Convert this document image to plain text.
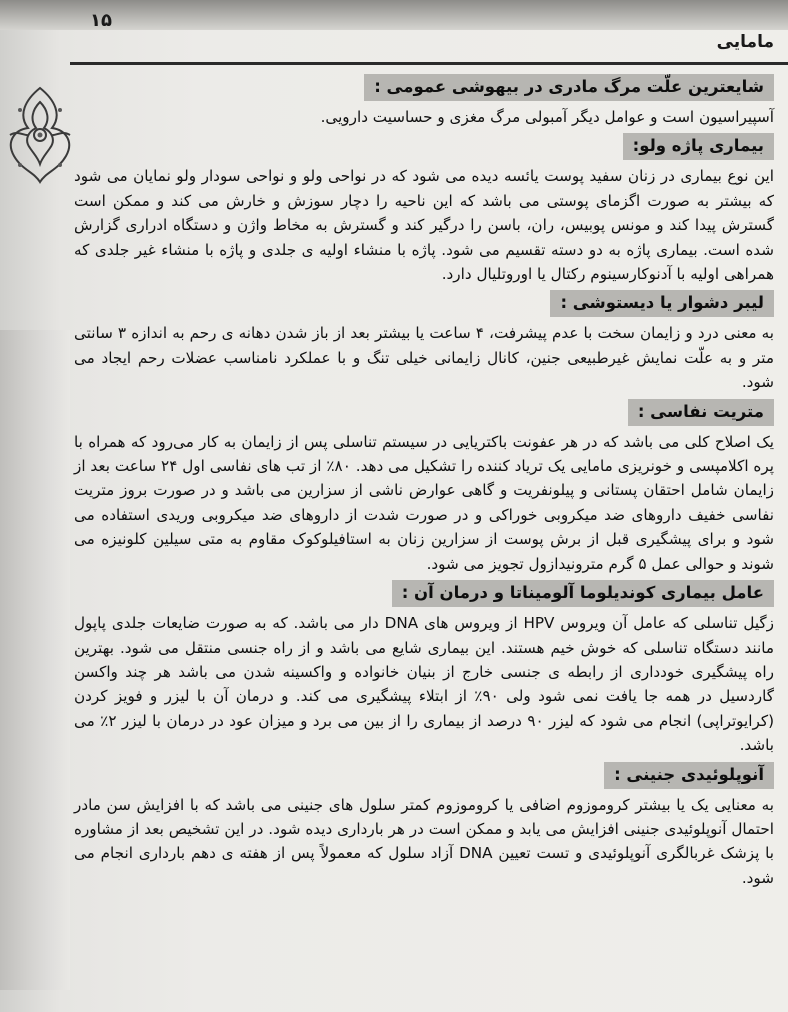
مامایی
۱۵
شایعترین علّت مرگ مادری در بیهوشی عمومی :

آسپیراسیون است و عوامل دیگر آمبولی مرگ مغزی و حساسیت دارویی.

بیماری پاژه ولو:

این نوع بیماری در زنان سفید پوست یائسه دیده می شود که در نواحی ولو و نواحی سودار ولو نمایان می شود که بیشتر به صورت اگزمای پوستی می باشد که این ناحیه را دچار سوزش و خارش می کند و ممکن است گسترش پیدا کند و مونس پوبیس، ران، باسن را درگیر کند و گسترش به مخاط واژن و دستگاه ادراری گزارش شده است. بیماری پاژه به دو دسته تقسیم می شود. پاژه با منشاء اولیه ی جلدی و پاژه با منشاء غیر جلدی که همراهی اولیه با آدنوکارسینوم رکتال یا اوروتلیال دارد.

لیبر دشوار یا دیستوشی :

به معنی درد و زایمان سخت با عدم پیشرفت، ۴ ساعت یا بیشتر بعد از باز شدن دهانه ی رحم به اندازه ۳ سانتی متر و به علّت نمایش غیرطبیعی جنین، کانال زایمانی خیلی تنگ و با عملکرد نامناسب عضلات رحم ایجاد می شود.

متریت نفاسی :

یک اصلاح کلی می باشد که در هر عفونت باکتریایی در سیستم تناسلی پس از زایمان به کار می‌رود که همراه با پره اکلامپسی و خونریزی مامایی یک تریاد کننده را تشکیل می دهد. ۸۰٪ از تب های نفاسی اول ۲۴ ساعت بعد از زایمان شامل احتقان پستانی و پیلونفریت و گاهی عوارض ناشی از سزارین می باشد و در صورت بروز متریت نفاسی خفیف داروهای ضد میکروبی خوراکی و در صورت شدت از داروهای ضد میکروبی وریدی استفاده می شود و برای پیشگیری قبل از برش پوست از سزارین زنان به استافیلوکوک مقاوم به متی سیلین کلونیزه می شوند و حوالی عمل ۵ گرم مترونیدازول تجویز می شود.

عامل بیماری کوندیلوما آلومیناتا و درمان آن :

زگیل تناسلی که عامل آن ویروس HPV از ویروس های DNA دار می باشد. که به صورت ضایعات جلدی پاپول مانند دستگاه تناسلی که خوش خیم هستند. این بیماری شایع می باشد و از راه جنسی منتقل می شود. بهترین راه پیشگیری خودداری از رابطه ی جنسی خارج از بنیان خانواده و واکسینه شدن می باشد هر چند واکسن گاردسیل در همه جا یافت نمی شود ولی ۹۰٪ از ابتلاء پیشگیری می کند. و درمان آن با لیزر و فویز کردن (کرایوتراپی) انجام می شود که لیزر ۹۰ درصد از بیماری را از بین می برد و میزان عود در درمان با لیزر ۲٪ می باشد.

آنوپلوئیدی جنینی :

به معنایی یک یا بیشتر کروموزوم اضافی یا کروموزوم کمتر سلول های جنینی می باشد که با افزایش سن مادر احتمال آنوپلوئیدی جنینی افزایش می یابد و ممکن است در هر بارداری دیده شود. در این تشخیص بعد از مشاوره با پزشک غربالگری آنوپلوئیدی و تست تعیین DNA آزاد سلول که معمولاً پس از هفته ی دهم بارداری انجام می شود.
